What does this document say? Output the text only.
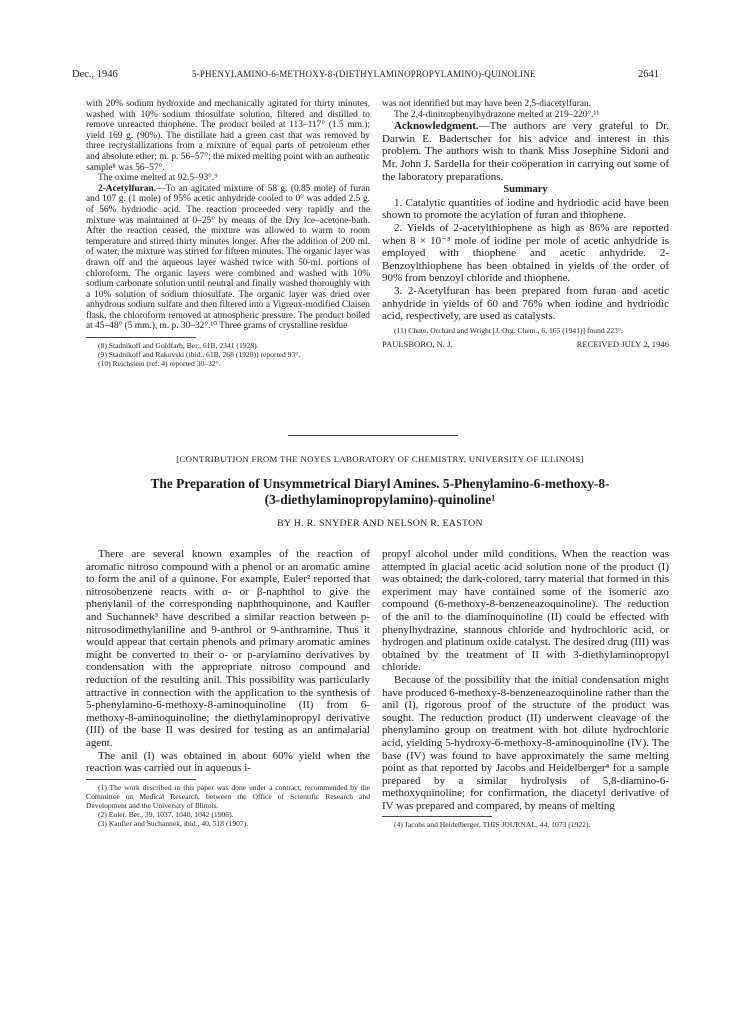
Dec., 1946	5-PHENYLAMINO-6-METHOXY-8-(DIETHYLAMINOPROPYLAMINO)-QUINOLINE	2641

with 20% sodium hydroxide and mechanically agitated for thirty minutes, washed with 10% sodium thiosulfate solution, filtered and distilled to remove unreacted thiophene. The product boiled at 113–117° (1.5 mm.); yield 169 g. (90%). The distillate had a green cast that was removed by three recrystallizations from a mixture of equal parts of petroleum ether and absolute ether; m. p. 56–57°; the mixed melting point with an authentic sample⁸ was 56–57°.

The oxime melted at 92.5–93°.⁹

2-Acetylfuran.—To an agitated mixture of 58 g. (0.85 mole) of furan and 107 g. (1 mole) of 95% acetic anhydride cooled to 0° was added 2.5 g. of 56% hydriodic acid. The reaction proceeded very rapidly and the mixture was maintained at 0–25° by means of the Dry Ice–acetone-bath. After the reaction ceased, the mixture was allowed to warm to room temperature and stirred thirty minutes longer. After the addition of 200 ml. of water, the mixture was stirred for fifteen minutes. The organic layer was drawn off and the aqueous layer washed twice with 50-ml. portions of chloroform. The organic layers were combined and washed with 10% sodium carbonate solution until neutral and finally washed thoroughly with a 10% solution of sodium thiosulfate. The organic layer was dried over anhydrous sodium sulfate and then filtered into a Vigreux-modified Claisen flask, the chloroform removed at atmospheric pressure. The product boiled at 45–48° (5 mm.), m. p. 30–32°.¹⁰ Three grams of crystalline residue

(8) Stadnikoff and Goldfarb, Ber., 61B, 2341 (1928).

(9) Stadnikoff and Rakovski (ibid., 61B, 268 (1928)) reported 93°.

(10) Reichstein (ref. 4) reported 30–32°.

was not identified but may have been 2,5-diacetylfuran.

The 2,4-dinitrophenylhydrazone melted at 219–220°.¹¹

Acknowledgment.—The authors are very grateful to Dr. Darwin E. Badertscher for his advice and interest in this problem. The authors wish to thank Miss Josephine Sidoni and Mr. John J. Sardella for their coöperation in carrying out some of the laboratory preparations.

Summary

1. Catalytic quantities of iodine and hydriodic acid have been shown to promote the acylation of furan and thiophene.

2. Yields of 2-acetylthiophene as high as 86% are reported when 8 × 10⁻³ mole of iodine per mole of acetic anhydride is employed with thiophene and acetic anhydride. 2-Benzoylthiophene has been obtained in yields of the order of 90% from benzoyl chloride and thiophene.

3. 2-Acetylfuran has been prepared from furan and acetic anhydride in yields of 60 and 76% when iodine and hydriodic acid, respectively, are used as catalysts.

(11) Chute, Orchard and Wright [J. Org. Chem., 6, 165 (1941)] found 223°.

PAULSBORO, N. J.	RECEIVED JULY 2, 1946
[CONTRIBUTION FROM THE NOYES LABORATORY OF CHEMISTRY, UNIVERSITY OF ILLINOIS]
The Preparation of Unsymmetrical Diaryl Amines. 5-Phenylamino-6-methoxy-8-
(3-diethylaminopropylamino)-quinoline¹
BY H. R. SNYDER AND NELSON R. EASTON

There are several known examples of the reaction of aromatic nitroso compound with a phenol or an aromatic amine to form the anil of a quinone. For example, Euler² reported that nitrosobenzene reacts with α- or β-naphthol to give the phenylanil of the corresponding naphthoquinone, and Kaufler and Suchannek³ have described a similar reaction between p-nitrosodimethylaniline and 9-anthrol or 9-anthramine. Thus it would appear that certain phenols and primary aromatic amines might be converted to their o- or p-arylamino derivatives by condensation with the appropriate nitroso compound and reduction of the resulting anil. This possibility was particularly attractive in connection with the application to the synthesis of 5-phenylamino-6-methoxy-8-aminoquinoline (II) from 6-methoxy-8-aminoquinoline; the diethylaminopropyl derivative (III) of the base II was desired for testing as an antimalarial agent.

The anil (I) was obtained in about 60% yield when the reaction was carried out in aqueous i-

(1) The work described in this paper was done under a contract, recommended by the Committee on Medical Research, between the Office of Scientific Research and Development and the University of Illinois.

(2) Euler, Ber., 39, 1037, 1040, 1042 (1906).

(3) Kaufler and Suchannek, ibid., 40, 518 (1907).

propyl alcohol under mild conditions. When the reaction was attempted in glacial acetic acid solution none of the product (I) was obtained; the dark-colored, tarry material that formed in this experiment may have contained some of the isomeric azo compound (6-methoxy-8-benzeneazoquinoline). The reduction of the anil to the diaminoquinoline (II) could be effected with phenylhydrazine, stannous chloride and hydrochloric acid, or hydrogen and platinum oxide catalyst. The desired drug (III) was obtained by the treatment of II with 3-diethylaminopropyl chloride.

Because of the possibility that the initial condensation might have produced 6-methoxy-8-benzeneazoquinoline rather than the anil (I), rigorous proof of the structure of the product was sought. The reduction product (II) underwent cleavage of the phenylamino group on treatment with hot dilute hydrochloric acid, yielding 5-hydroxy-6-methoxy-8-aminoquinoline (IV). The base (IV) was found to have approximately the same melting point as that reported by Jacobs and Heidelberger⁴ for a sample prepared by a similar hydrolysis of 5,8-diamino-6-methoxyquinoline; for confirmation, the diacetyl derivative of IV was prepared and compared, by means of melting

(4) Jacobs and Heidelberger, THIS JOURNAL, 44, 1073 (1922).
